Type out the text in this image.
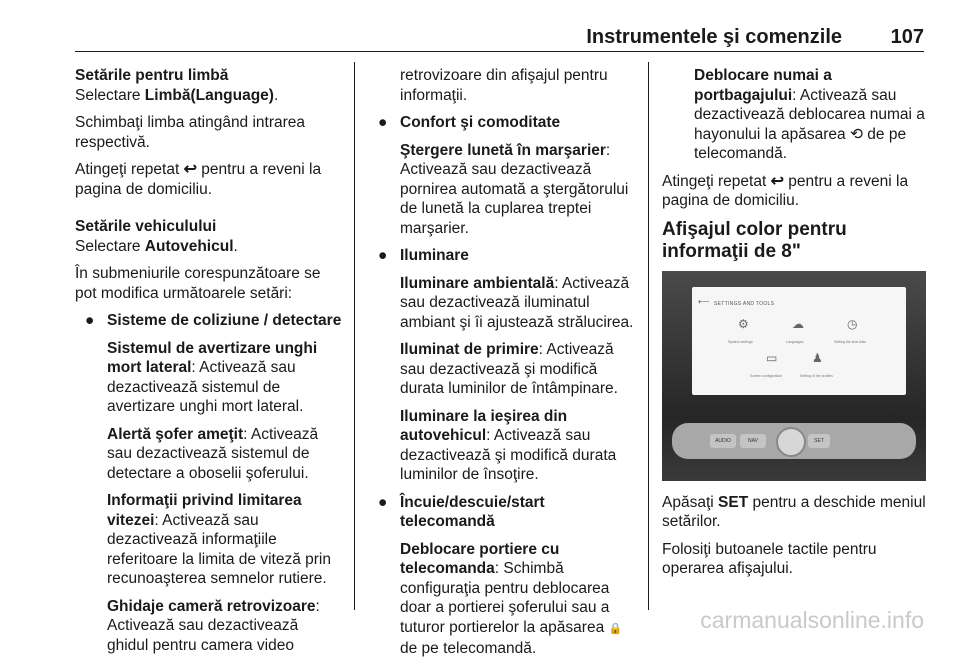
Instrumentele şi comenzile 107

Setările pentru limbă

Selectare Limbă(Language).

Schimbaţi limba atingând intrarea respectivă.

Atingeţi repetat ↩ pentru a reveni la pagina de domiciliu.

Setările vehiculului

Selectare Autovehicul.

În submeniurile corespunzătoare se pot modifica următoarele setări:

● Sisteme de coliziune / detectare

Sistemul de avertizare unghi mort lateral: Activează sau dezactivează sistemul de avertizare unghi mort lateral.

Alertă şofer ameţit: Activează sau dezactivează sistemul de detectare a oboselii şoferului.

Informaţii privind limitarea vitezei: Activează sau dezactivează informaţiile referitoare la limita de viteză prin recunoaşterea semnelor rutiere.

Ghidaje cameră retrovizoare: Activează sau dezactivează ghidul pentru camera video

retrovizoare din afişajul pentru informaţii.

● Confort şi comoditate

Ştergere lunetă în marşarier: Activează sau dezactivează pornirea automată a ştergătorului de lunetă la cuplarea treptei marşarier.

● Iluminare

Iluminare ambientală: Activează sau dezactivează iluminatul ambiant şi îi ajustează strălucirea.

Iluminat de primire: Activează sau dezactivează şi modifică durata luminilor de întâmpinare.

Iluminare la ieşirea din autovehicul: Activează sau dezactivează şi modifică durata luminilor de însoţire.

● Încuie/descuie/start telecomandă

Deblocare portiere cu telecomanda: Schimbă configuraţia pentru deblocarea doar a portierei şoferului sau a tuturor portierelor la apăsarea 🔒 de pe telecomandă.

Deblocare numai a portbagajului: Activează sau dezactivează deblocarea numai a hayonului la apăsarea ⟲ de pe telecomandă.

Atingeţi repetat ↩ pentru a reveni la pagina de domiciliu.

Afişajul color pentru informaţii de 8"

⟵ SETTINGS AND TOOLS
⚙	☁	◷
System settings	Languages	Setting the time date
▭	♟
Screen configuration	Setting of the profiles
AUDIO	NAV	SET

Apăsaţi SET pentru a deschide meniul setărilor.

Folosiţi butoanele tactile pentru operarea afişajului.

carmanualsonline.info
